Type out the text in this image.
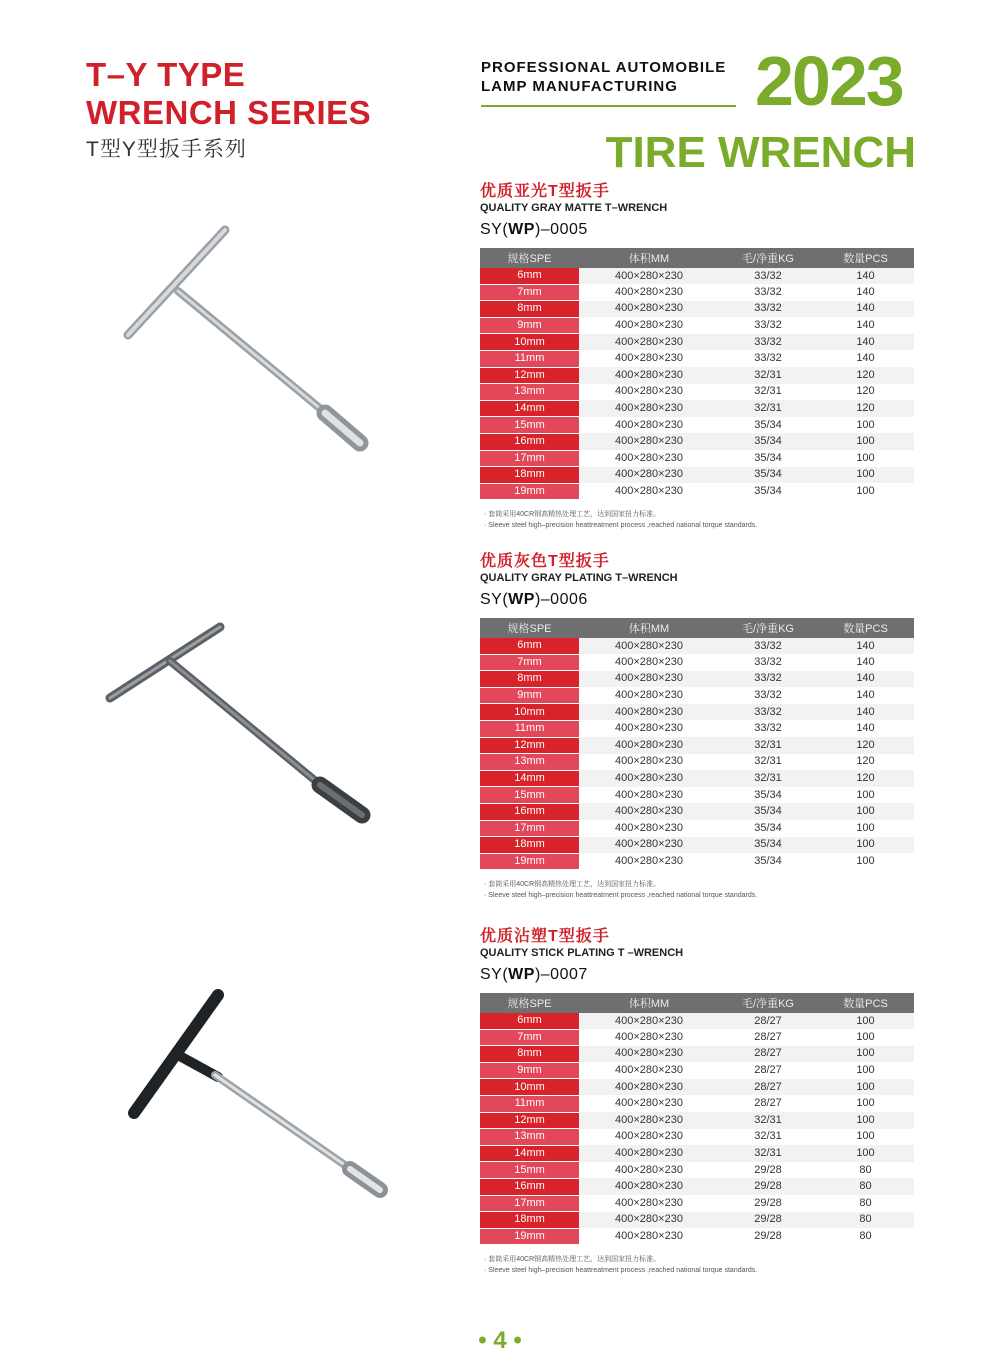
T–Y TYPE
WRENCH SERIES
T型Y型扳手系列
PROFESSIONAL AUTOMOBILE
LAMP MANUFACTURING	2023
TIRE WRENCH
优质亚光T型扳手
QUALITY GRAY MATTE T–WRENCH
SY(WP)–0005
规格SPE	体积MM	毛/净重KG	数量PCS
6mm	400×280×230	33/32	140
7mm	400×280×230	33/32	140
8mm	400×280×230	33/32	140
9mm	400×280×230	33/32	140
10mm	400×280×230	33/32	140
11mm	400×280×230	33/32	140
12mm	400×280×230	32/31	120
13mm	400×280×230	32/31	120
14mm	400×280×230	32/31	120
15mm	400×280×230	35/34	100
16mm	400×280×230	35/34	100
17mm	400×280×230	35/34	100
18mm	400×280×230	35/34	100
19mm	400×280×230	35/34	100
· 套筒采用40CR钢高精热处理工艺，达到国家扭力标准。
· Sleeve steel high–precision heattreatment process ,reached national torque standards.
优质灰色T型扳手
QUALITY GRAY PLATING T–WRENCH
SY(WP)–0006
规格SPE	体积MM	毛/净重KG	数量PCS
6mm	400×280×230	33/32	140
7mm	400×280×230	33/32	140
8mm	400×280×230	33/32	140
9mm	400×280×230	33/32	140
10mm	400×280×230	33/32	140
11mm	400×280×230	33/32	140
12mm	400×280×230	32/31	120
13mm	400×280×230	32/31	120
14mm	400×280×230	32/31	120
15mm	400×280×230	35/34	100
16mm	400×280×230	35/34	100
17mm	400×280×230	35/34	100
18mm	400×280×230	35/34	100
19mm	400×280×230	35/34	100
· 套筒采用40CR钢高精热处理工艺，达到国家扭力标准。
· Sleeve steel high–precision heattreatment process ,reached national torque standards.
优质沾塑T型扳手
QUALITY STICK PLATING T –WRENCH
SY(WP)–0007
规格SPE	体积MM	毛/净重KG	数量PCS
6mm	400×280×230	28/27	100
7mm	400×280×230	28/27	100
8mm	400×280×230	28/27	100
9mm	400×280×230	28/27	100
10mm	400×280×230	28/27	100
11mm	400×280×230	28/27	100
12mm	400×280×230	32/31	100
13mm	400×280×230	32/31	100
14mm	400×280×230	32/31	100
15mm	400×280×230	29/28	80
16mm	400×280×230	29/28	80
17mm	400×280×230	29/28	80
18mm	400×280×230	29/28	80
19mm	400×280×230	29/28	80
· 套筒采用40CR钢高精热处理工艺，达到国家扭力标准。
· Sleeve steel high–precision heattreatment process ,reached national torque standards.
• 4 •
